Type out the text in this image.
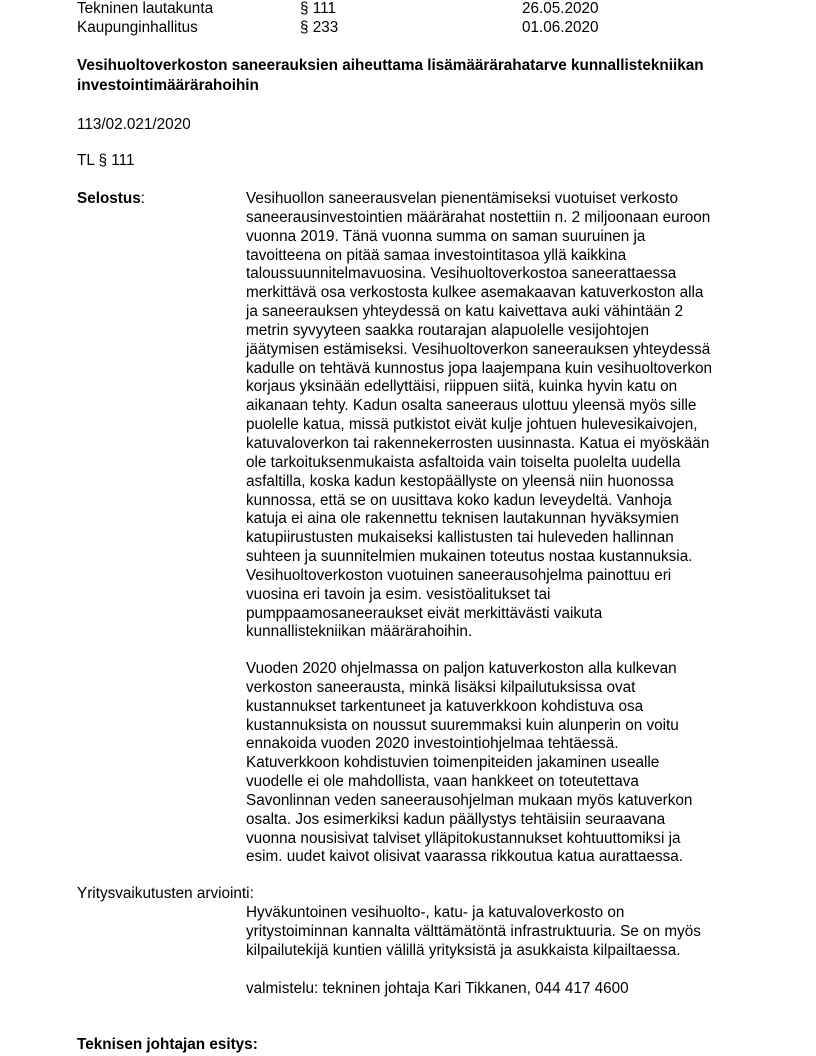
Tekninen lautakunta	§ 111	26.05.2020
Kaupunginhallitus	§ 233	01.06.2020
Vesihuoltoverkoston saneerauksien aiheuttama lisämäärärahatarve kunnallistekniikan
investointimäärärahoihin
113/02.021/2020
TL § 111
Selostus:	Vesihuollon saneerausvelan pienentämiseksi vuotuiset verkosto
saneerausinvestointien määrärahat nostettiin n. 2 miljoonaan euroon
vuonna 2019. Tänä vuonna summa on saman suuruinen ja
tavoitteena on pitää samaa investointitasoa yllä kaikkina
taloussuunnitelmavuosina. Vesihuoltoverkostoa saneerattaessa
merkittävä osa verkostosta kulkee asemakaavan katuverkoston alla
ja saneerauksen yhteydessä on katu kaivettava auki vähintään 2
metrin syvyyteen saakka routarajan alapuolelle vesijohtojen
jäätymisen estämiseksi. Vesihuoltoverkon saneerauksen yhteydessä
kadulle on tehtävä kunnostus jopa laajempana kuin vesihuoltoverkon
korjaus yksinään edellyttäisi, riippuen siitä, kuinka hyvin katu on
aikanaan tehty. Kadun osalta saneeraus ulottuu yleensä myös sille
puolelle katua, missä putkistot eivät kulje johtuen hulevesikaivojen,
katuvaloverkon tai rakennekerrosten uusinnasta. Katua ei myöskään
ole tarkoituksenmukaista asfaltoida vain toiselta puolelta uudella
asfaltilla, koska kadun kestopäällyste on yleensä niin huonossa
kunnossa, että se on uusittava koko kadun leveydeltä. Vanhoja
katuja ei aina ole rakennettu teknisen lautakunnan hyväksymien
katupiirustusten mukaiseksi kallistusten tai huleveden hallinnan
suhteen ja suunnitelmien mukainen toteutus nostaa kustannuksia.
Vesihuoltoverkoston vuotuinen saneerausohjelma painottuu eri
vuosina eri tavoin ja esim. vesistöalitukset tai
pumppaamosaneeraukset eivät merkittävästi vaikuta
kunnallistekniikan määrärahoihin.
Vuoden 2020 ohjelmassa on paljon katuverkoston alla kulkevan
verkoston saneerausta, minkä lisäksi kilpailutuksissa ovat
kustannukset tarkentuneet ja katuverkkoon kohdistuva osa
kustannuksista on noussut suuremmaksi kuin alunperin on voitu
ennakoida vuoden 2020 investointiohjelmaa tehtäessä.
Katuverkkoon kohdistuvien toimenpiteiden jakaminen usealle
vuodelle ei ole mahdollista, vaan hankkeet on toteutettava
Savonlinnan veden saneerausohjelman mukaan myös katuverkon
osalta. Jos esimerkiksi kadun päällystys tehtäisiin seuraavana
vuonna nousisivat talviset ylläpitokustannukset kohtuuttomiksi ja
esim. uudet kaivot olisivat vaarassa rikkoutua katua aurattaessa.
Yritysvaikutusten arviointi:
Hyväkuntoinen vesihuolto-, katu- ja katuvaloverkosto on
yritystoiminnan kannalta välttämätöntä infrastruktuuria. Se on myös
kilpailutekijä kuntien välillä yrityksistä ja asukkaista kilpailtaessa.
valmistelu: tekninen johtaja Kari Tikkanen, 044 417 4600
Teknisen johtajan esitys:
